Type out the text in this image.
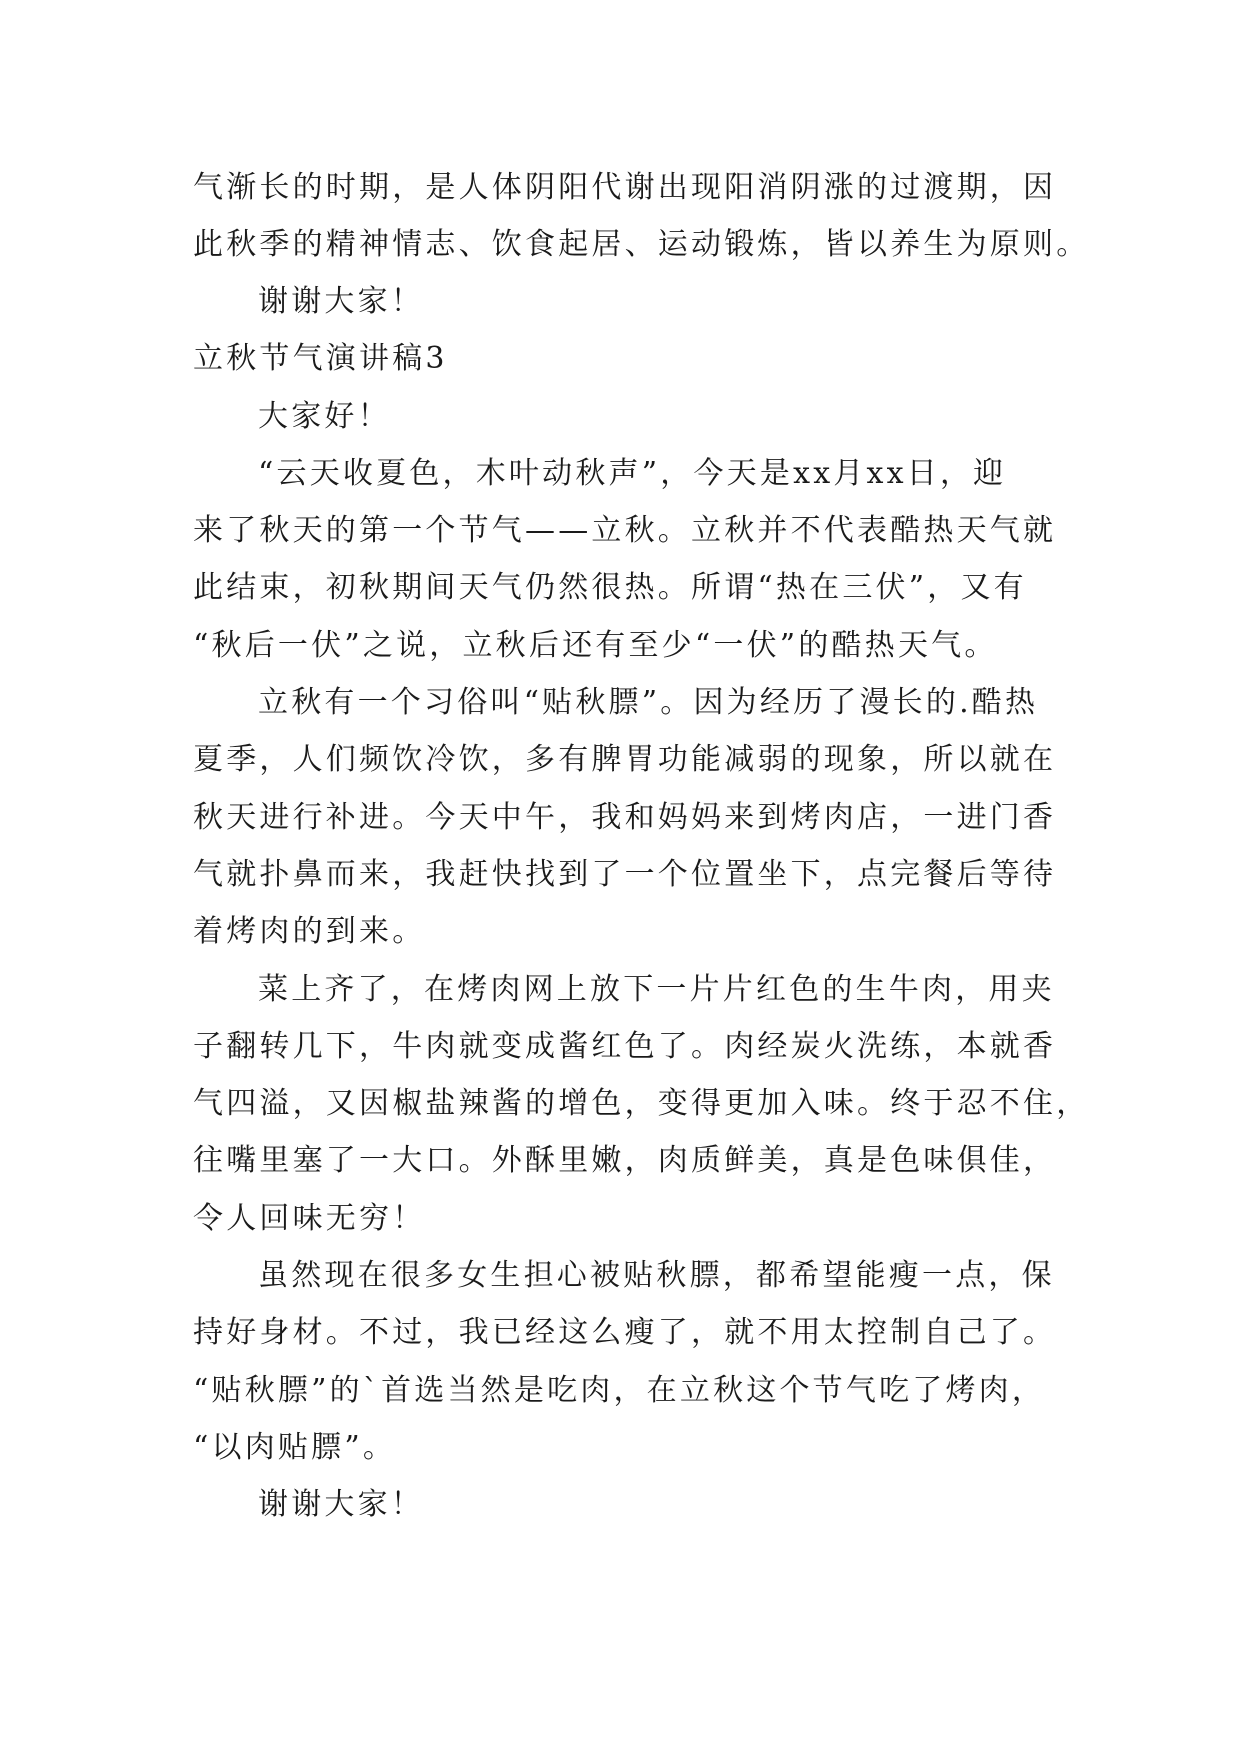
气渐长的时期，是人体阴阳代谢出现阳消阴涨的过渡期，因
此秋季的精神情志、饮食起居、运动锻炼，皆以养生为原则。
谢谢大家！
立秋节气演讲稿3
大家好！
“云天收夏色，木叶动秋声”，今天是xx月xx日，迎
来了秋天的第一个节气——立秋。立秋并不代表酷热天气就
此结束，初秋期间天气仍然很热。所谓“热在三伏”，又有
“秋后一伏”之说，立秋后还有至少“一伏”的酷热天气。
立秋有一个习俗叫“贴秋膘”。因为经历了漫长的.酷热
夏季，人们频饮冷饮，多有脾胃功能减弱的现象，所以就在
秋天进行补进。今天中午，我和妈妈来到烤肉店，一进门香
气就扑鼻而来，我赶快找到了一个位置坐下，点完餐后等待
着烤肉的到来。
菜上齐了，在烤肉网上放下一片片红色的生牛肉，用夹
子翻转几下，牛肉就变成酱红色了。肉经炭火洗练，本就香
气四溢，又因椒盐辣酱的增色，变得更加入味。终于忍不住，
往嘴里塞了一大口。外酥里嫩，肉质鲜美，真是色味俱佳，
令人回味无穷！
虽然现在很多女生担心被贴秋膘，都希望能瘦一点，保
持好身材。不过，我已经这么瘦了，就不用太控制自己了。
“贴秋膘”的`首选当然是吃肉，在立秋这个节气吃了烤肉，
“以肉贴膘”。
谢谢大家！
